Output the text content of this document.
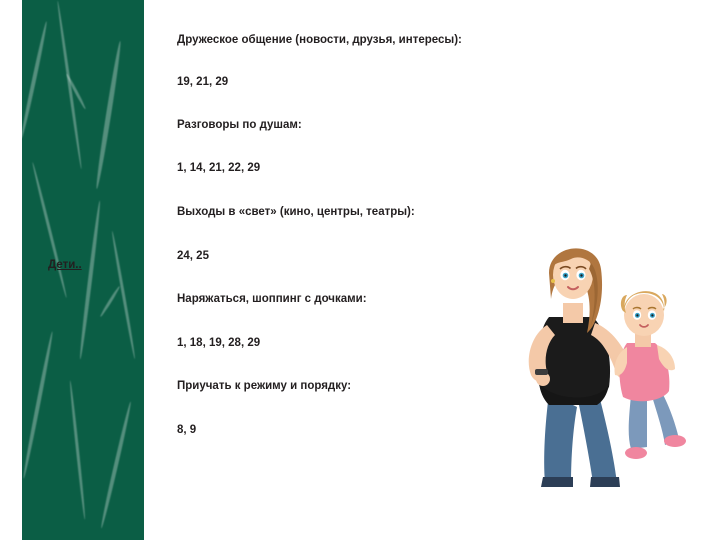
Дети..
Дружеское общение (новости, друзья, интересы):
19, 21, 29
Разговоры по душам:
1, 14, 21, 22, 29
Выходы в «свет» (кино, центры, театры):
24, 25
Наряжаться, шоппинг с дочками:
1, 18, 19, 28, 29
Приучать к режиму и порядку:
8, 9
